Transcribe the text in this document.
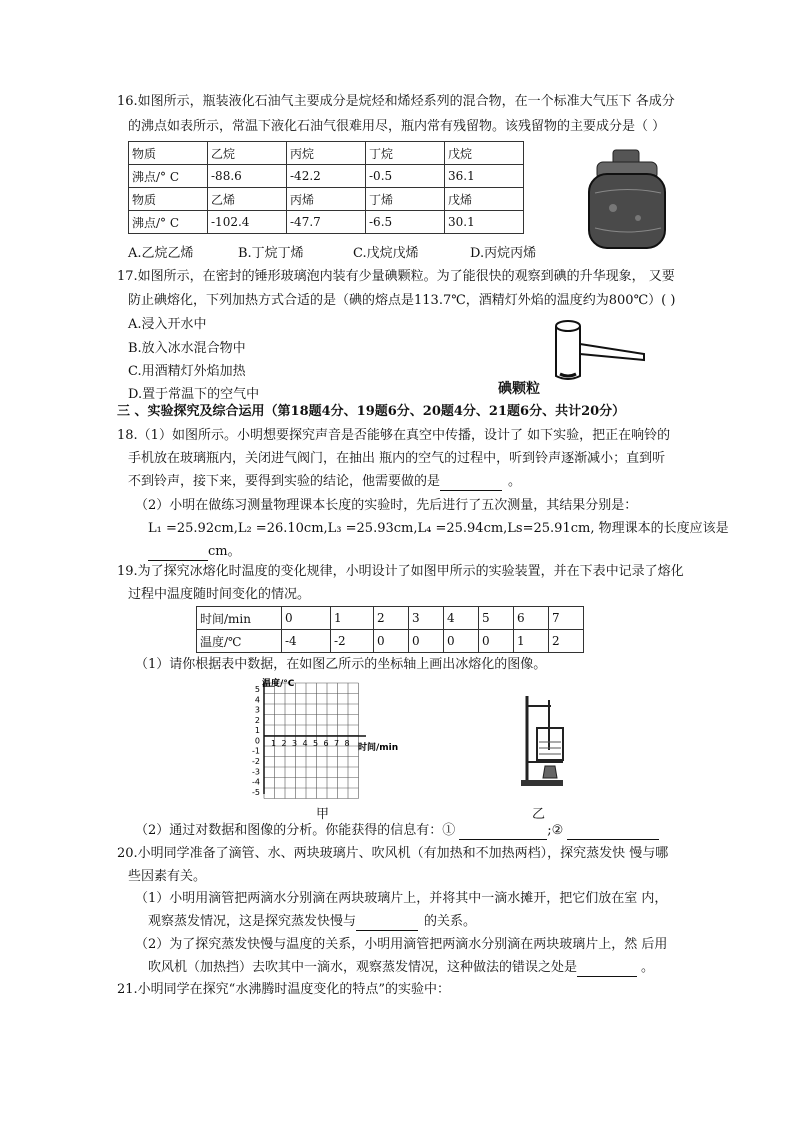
16.如图所示，瓶装液化石油气主要成分是烷烃和烯烃系列的混合物，在一个标准大气压下 各成分
的沸点如表所示，常温下液化石油气很难用尽，瓶内常有残留物。该残留物的主要成分是（ ）
物质	乙烷	丙烷	丁烷	戊烷
沸点/° C	-88.6	-42.2	-0.5	36.1
物质	乙烯	丙烯	丁烯	戊烯
沸点/° C	-102.4	-47.7	-6.5	30.1
A.乙烷乙烯	B.丁烷丁烯	C.戊烷戊烯	D.丙烷丙烯
17.如图所示，在密封的锤形玻璃泡内装有少量碘颗粒。为了能很快的观察到碘的升华现象， 又要
防止碘熔化，下列加热方式合适的是（碘的熔点是113.7℃，酒精灯外焰的温度约为800℃）( )
A.浸入开水中
B.放入冰水混合物中
C.用酒精灯外焰加热
D.置于常温下的空气中	碘颗粒
三 、实验探究及综合运用（第18题4分、19题6分、20题4分、21题6分、共计20分）
18.（1）如图所示。小明想要探究声音是否能够在真空中传播，设计了 如下实验，把正在响铃的
手机放在玻璃瓶内，关闭进气阀门，在抽出 瓶内的空气的过程中，听到铃声逐渐减小；直到听
不到铃声，接下来，要得到实验的结论，他需要做的是	。
（2）小明在做练习测量物理课本长度的实验时，先后进行了五次测量，其结果分别是：
L₁ =25.92cm,L₂ =26.10cm,L₃ =25.93cm,L₄ =25.94cm,Ls=25.91cm, 物理课本的长度应该是
cm。
19.为了探究冰熔化时温度的变化规律，小明设计了如图甲所示的实验装置，并在下表中记录了熔化
过程中温度随时间变化的情况。
时间/min	0	1	2	3	4	5	6	7
温度/℃	-4	-2	0	0	0	0	1	2
（1）请你根据表中数据，在如图乙所示的坐标轴上画出冰熔化的图像。
温度/°C
时间/min
5
4
3
2
1
0
-1
-2
-3
-4
-5
1 2 3 4 5 6 7 8
甲	乙
（2）通过对数据和图像的分析。你能获得的信息有：①	;②
20.小明同学准备了滴管、水、两块玻璃片、吹风机（有加热和不加热两档），探究蒸发快 慢与哪
些因素有关。
（1）小明用滴管把两滴水分别滴在两块玻璃片上，并将其中一滴水摊开，把它们放在室 内，
观察蒸发情况，这是探究蒸发快慢与	的关系。
（2）为了探究蒸发快慢与温度的关系，小明用滴管把两滴水分别滴在两块玻璃片上，然 后用
吹风机（加热挡）去吹其中一滴水，观察蒸发情况，这种做法的错误之处是	。
21.小明同学在探究“水沸腾时温度变化的特点”的实验中：
